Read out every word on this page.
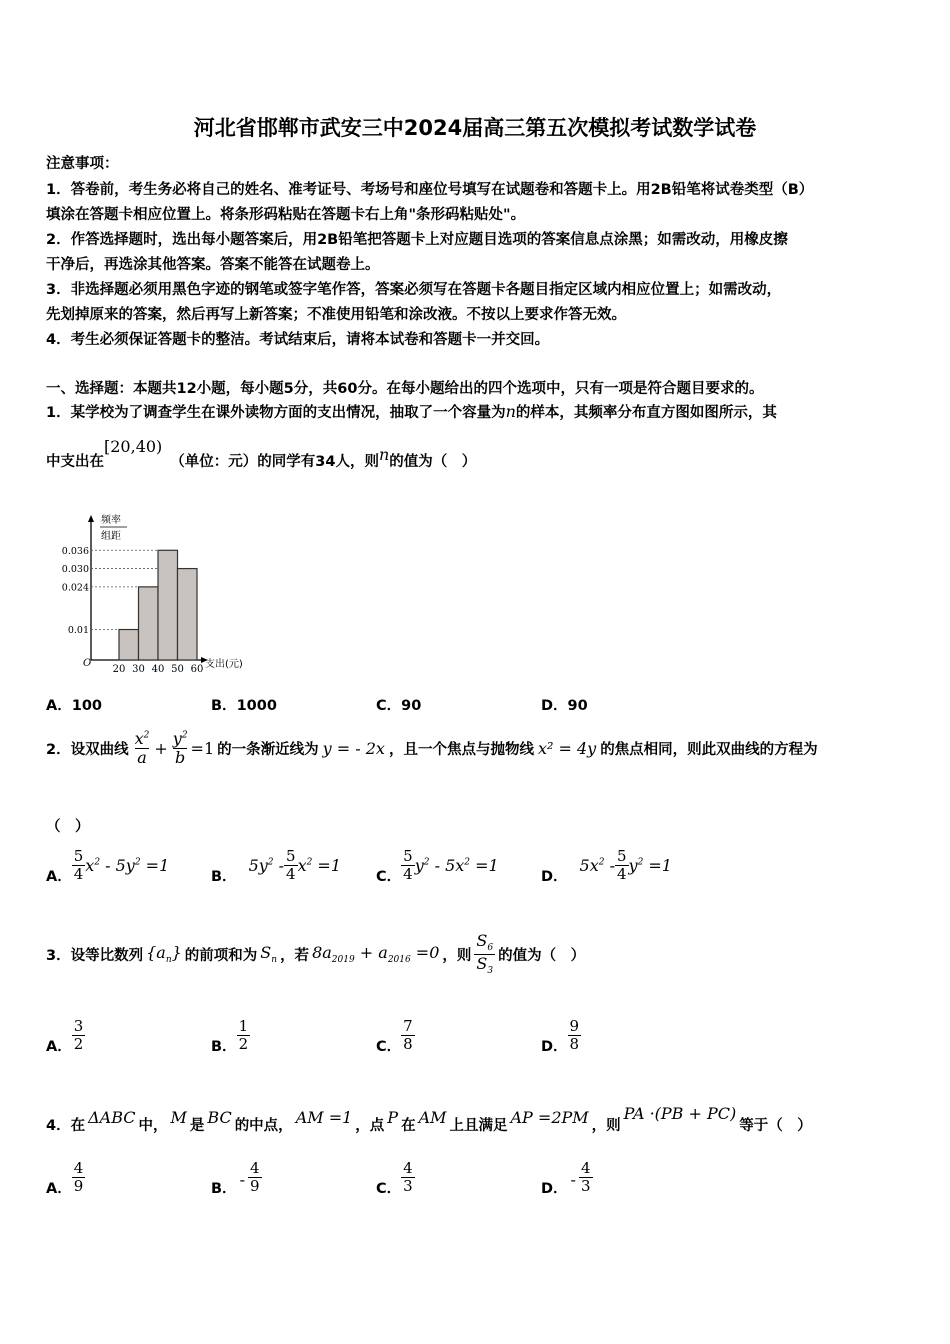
河北省邯郸市武安三中2024届高三第五次模拟考试数学试卷
注意事项：
1．答卷前，考生务必将自己的姓名、准考证号、考场号和座位号填写在试题卷和答题卡上。用2B铅笔将试卷类型（B）
填涂在答题卡相应位置上。将条形码粘贴在答题卡右上角"条形码粘贴处"。
2．作答选择题时，选出每小题答案后，用2B铅笔把答题卡上对应题目选项的答案信息点涂黑；如需改动，用橡皮擦
干净后，再选涂其他答案。答案不能答在试题卷上。
3．非选择题必须用黑色字迹的钢笔或签字笔作答，答案必须写在答题卡各题目指定区域内相应位置上；如需改动，
先划掉原来的答案，然后再写上新答案；不准使用铅笔和涂改液。不按以上要求作答无效。
4．考生必须保证答题卡的整洁。考试结束后，请将本试卷和答题卡一并交回。
一、选择题：本题共12小题，每小题5分，共60分。在每小题给出的四个选项中，只有一项是符合题目要求的。
1．某学校为了调查学生在课外读物方面的支出情况，抽取了一个容量为n的样本，其频率分布直方图如图所示，其
中支出在[20,40)（单位：元）的同学有34人，则n的值为（　）
频率
组距
0.036
0.030
0.024
0.01
20 30 40 50 60
O	支出(元)
A．100	B．1000	C．90	D．90
2．设双曲线 $\frac{x^2}{a} + \frac{y^2}{b} =1$ 的一条渐近线为 y = - 2x ，且一个焦点与抛物线 x² = 4y 的焦点相同，则此双曲线的方程为
（　）
A． $\frac{5}{4} x^2 - 5y^2 =1$
B．
$5y^2 - \frac{5}{4} x^2 =1$
C． $\frac{5}{4} y^2 - 5x^2 =1$
D．
$5x^2 - \frac{5}{4} y^2 =1$
3．设等比数列 $\{a_n\}$ 的前项和为 $S_n$ ，若 $8a_{2019} + a_{2016} =0$ ，则 $\frac{S_6}{S_3}$ 的值为（　）
A． $\frac{3}{2}$	B． $\frac{1}{2}$	C． $\frac{7}{8}$	D． $\frac{9}{8}$
4．在 ΔABC 中， M 是 BC 的中点， AM =1 ，点 P 在 AM 上且满足 AP =2PM ，则
PA ·(PB + PC)
等于（　）
A． $\frac{4}{9}$	B． - $\frac{4}{9}$	C． $\frac{4}{3}$	D． - $\frac{4}{3}$
